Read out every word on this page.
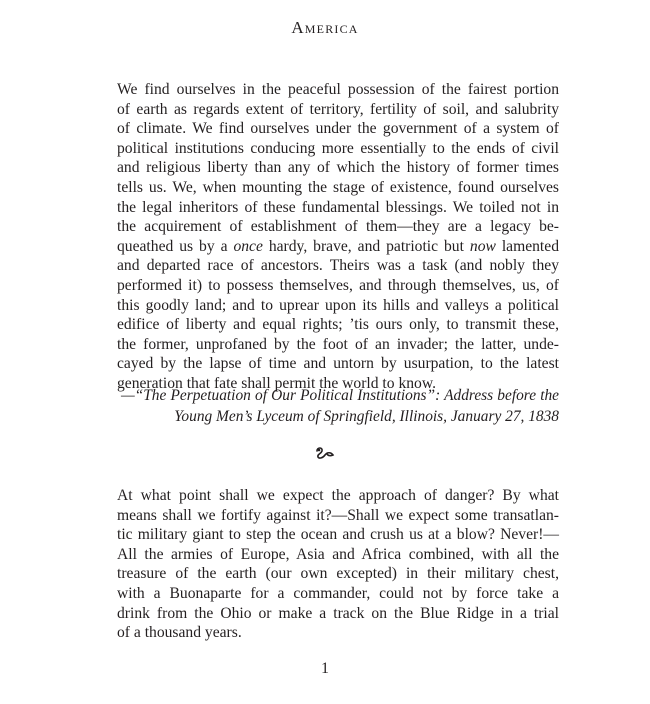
America
We find ourselves in the peaceful possession of the fairest portion
of earth as regards extent of territory, fertility of soil, and salubrity
of climate. We find ourselves under the government of a system of
political institutions conducing more essentially to the ends of civil
and religious liberty than any of which the history of former times
tells us. We, when mounting the stage of existence, found ourselves
the legal inheritors of these fundamental blessings. We toiled not in
the acquirement of establishment of them—they are a legacy be-
queathed us by a once hardy, brave, and patriotic but now lamented
and departed race of ancestors. Theirs was a task (and nobly they
performed it) to possess themselves, and through themselves, us, of
this goodly land; and to uprear upon its hills and valleys a political
edifice of liberty and equal rights; ’tis ours only, to transmit these,
the former, unprofaned by the foot of an invader; the latter, unde-
cayed by the lapse of time and untorn by usurpation, to the latest
generation that fate shall permit the world to know.
—“The Perpetuation of Our Political Institutions”: Address before the
Young Men’s Lyceum of Springfield, Illinois, January 27, 1838
At what point shall we expect the approach of danger? By what
means shall we fortify against it?—Shall we expect some transatlan-
tic military giant to step the ocean and crush us at a blow? Never!—
All the armies of Europe, Asia and Africa combined, with all the
treasure of the earth (our own excepted) in their military chest,
with a Buonaparte for a commander, could not by force take a
drink from the Ohio or make a track on the Blue Ridge in a trial
of a thousand years.
1
